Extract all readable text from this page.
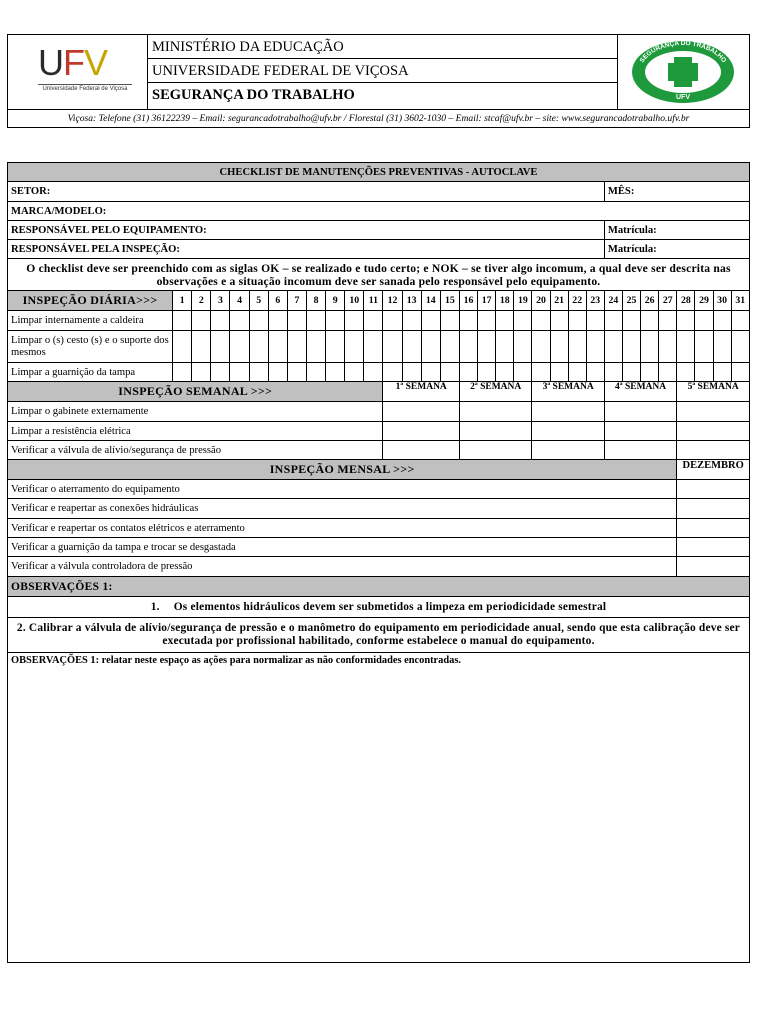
UFV
Universidade Federal de Viçosa
MINISTÉRIO DA EDUCAÇÃO
UNIVERSIDADE FEDERAL DE VIÇOSA
SEGURANÇA DO TRABALHO
SEGURANÇA DO TRABALHO
UFV
Viçosa: Telefone (31) 36122239 – Email: segurancadotrabalho@ufv.br / Florestal (31) 3602-1030 – Email: stcaf@ufv.br – site: www.segurancadotrabalho.ufv.br
CHECKLIST DE MANUTENÇÕES PREVENTIVAS - AUTOCLAVE																															
SETOR:																								MÊS:							
MARCA/MODELO:																															
RESPONSÁVEL PELO EQUIPAMENTO:																								Matrícula:							
RESPONSÁVEL PELA INSPEÇÃO:																								Matrícula:							
O checklist deve ser preenchido com as siglas OK – se realizado e tudo certo; e NOK – se tiver algo incomum, a qual deve ser descrita nas observações e a situação incomum deve ser sanada pelo responsável pelo equipamento.																															
INSPEÇÃO DIÁRIA>>>	1	2	3	4	5	6	7	8	9	10	11	12	13	14	15	16	17	18	19	20	21	22	23	24	25	26	27	28	29	30	31
Limpar internamente a caldeira																															
Limpar o (s) cesto (s) e o suporte dos mesmos																															
Limpar a guarnição da tampa																															
INSPEÇÃO SEMANAL >>>												1ª SEMANA				2ª SEMANA				3ª SEMANA				4ª SEMANA				5ª SEMANA			
Limpar o gabinete externamente																															
Limpar a resistência elétrica																															
Verificar a válvula de alívio/segurança de pressão																															
INSPEÇÃO MENSAL >>>																												DEZEMBRO			
Verificar o aterramento do equipamento																															
Verificar e reapertar as conexões hidráulicas																															
Verificar e reapertar os contatos elétricos e aterramento																															
Verificar a guarnição da tampa e trocar se desgastada																															
Verificar a válvula controladora de pressão																															
OBSERVAÇÕES 1:																															
1. Os elementos hidráulicos devem ser submetidos a limpeza em periodicidade semestral																															
2. Calibrar a válvula de alívio/segurança de pressão e o manômetro do equipamento em periodicidade anual, sendo que esta calibração deve ser executada por profissional habilitado, conforme estabelece o manual do equipamento.																															
OBSERVAÇÕES 1: relatar neste espaço as ações para normalizar as não conformidades encontradas.																															
